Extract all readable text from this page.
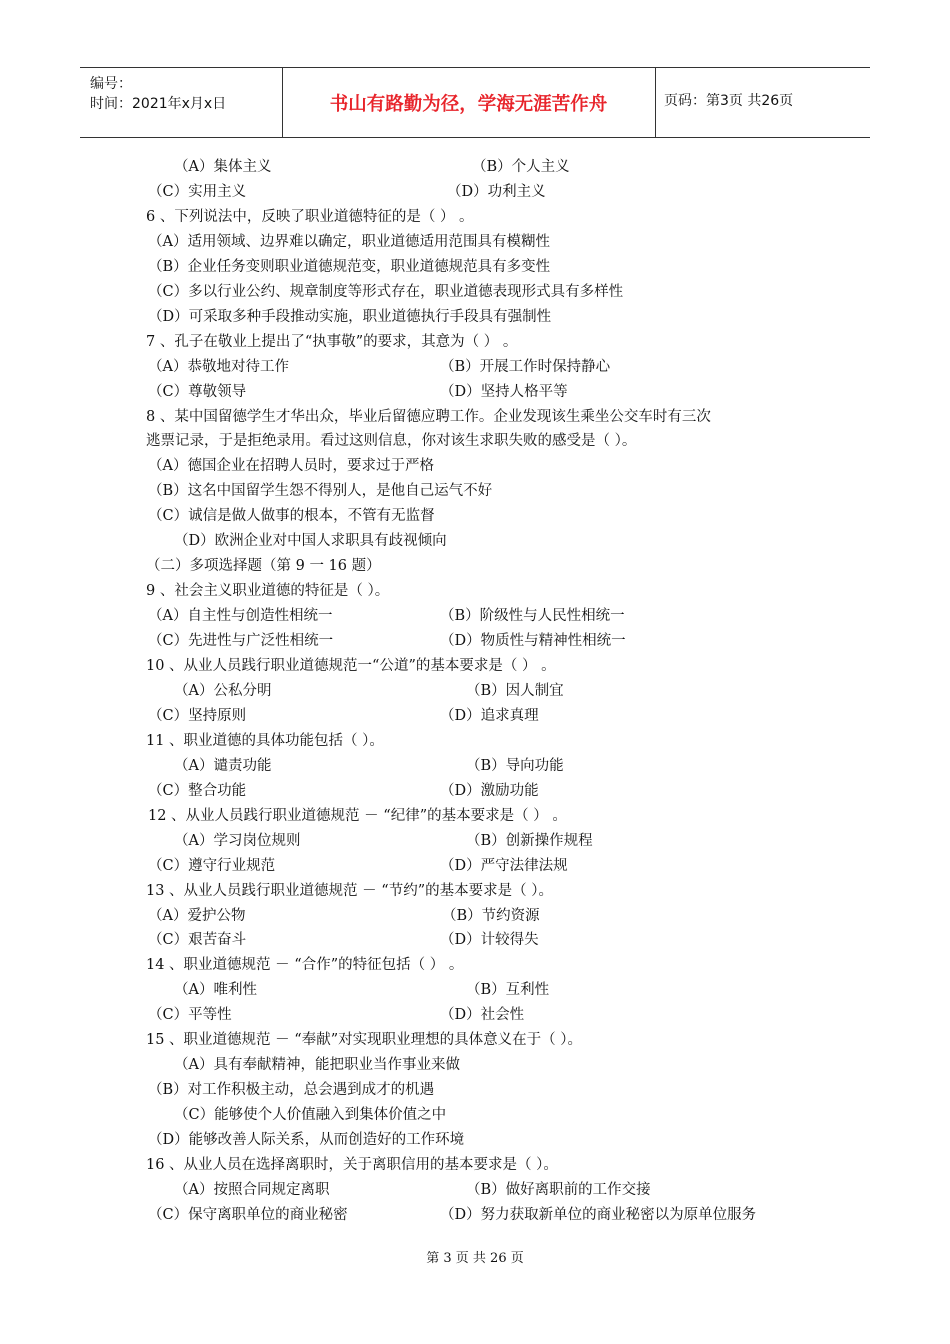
编号：
时间：2021年x月x日	书山有路勤为径，学海无涯苦作舟	页码：第3页 共26页
（A）集体主义	（B）个人主义
（C）实用主义	（D）功利主义
6 、下列说法中，反映了职业道德特征的是（ ） 。
（A）适用领域、边界难以确定，职业道德适用范围具有模糊性
（B）企业任务变则职业道德规范变，职业道德规范具有多变性
（C）多以行业公约、规章制度等形式存在，职业道德表现形式具有多样性
（D）可采取多种手段推动实施，职业道德执行手段具有强制性
7 、孔子在敬业上提出了“执事敬”的要求，其意为（ ） 。
（A）恭敬地对待工作	（B）开展工作时保持静心
（C）尊敬领导	（D）坚持人格平等
8 、某中国留德学生才华出众，毕业后留德应聘工作。企业发现该生乘坐公交车时有三次
逃票记录，于是拒绝录用。看过这则信息，你对该生求职失败的感受是（ ）。
（A）德国企业在招聘人员时，要求过于严格
（B）这名中国留学生怨不得别人，是他自己运气不好
（C）诚信是做人做事的根本，不管有无监督
（D）欧洲企业对中国人求职具有歧视倾向
（二）多项选择题（第 9 一 16 题）
9 、社会主义职业道德的特征是（ ）。
（A）自主性与创造性相统一	（B）阶级性与人民性相统一
（C）先进性与广泛性相统一	（D）物质性与精神性相统一
10 、从业人员践行职业道德规范一“公道”的基本要求是（ ） 。
（A）公私分明	（B）因人制宜
（C）坚持原则	（D）追求真理
11 、职业道德的具体功能包括（ ）。
（A）谴责功能	（B）导向功能
（C）整合功能	（D）激励功能
12 、从业人员践行职业道德规范 － “纪律”的基本要求是（ ） 。
（A）学习岗位规则	（B）创新操作规程
（C）遵守行业规范	（D）严守法律法规
13 、从业人员践行职业道德规范 － “节约”的基本要求是（ ）。
（A）爱护公物	（B）节约资源
（C）艰苦奋斗	（D）计较得失
14 、职业道德规范 － “合作”的特征包括（ ） 。
（A）唯利性	（B）互利性
（C）平等性	（D）社会性
15 、职业道德规范 － “奉献”对实现职业理想的具体意义在于（ ）。
（A）具有奉献精神，能把职业当作事业来做
（B）对工作积极主动，总会遇到成才的机遇
（C）能够使个人价值融入到集体价值之中
（D）能够改善人际关系，从而创造好的工作环境
16 、从业人员在选择离职时，关于离职信用的基本要求是（ ）。
（A）按照合同规定离职	（B）做好离职前的工作交接
（C）保守离职单位的商业秘密	（D）努力获取新单位的商业秘密以为原单位服务
第 3 页 共 26 页
